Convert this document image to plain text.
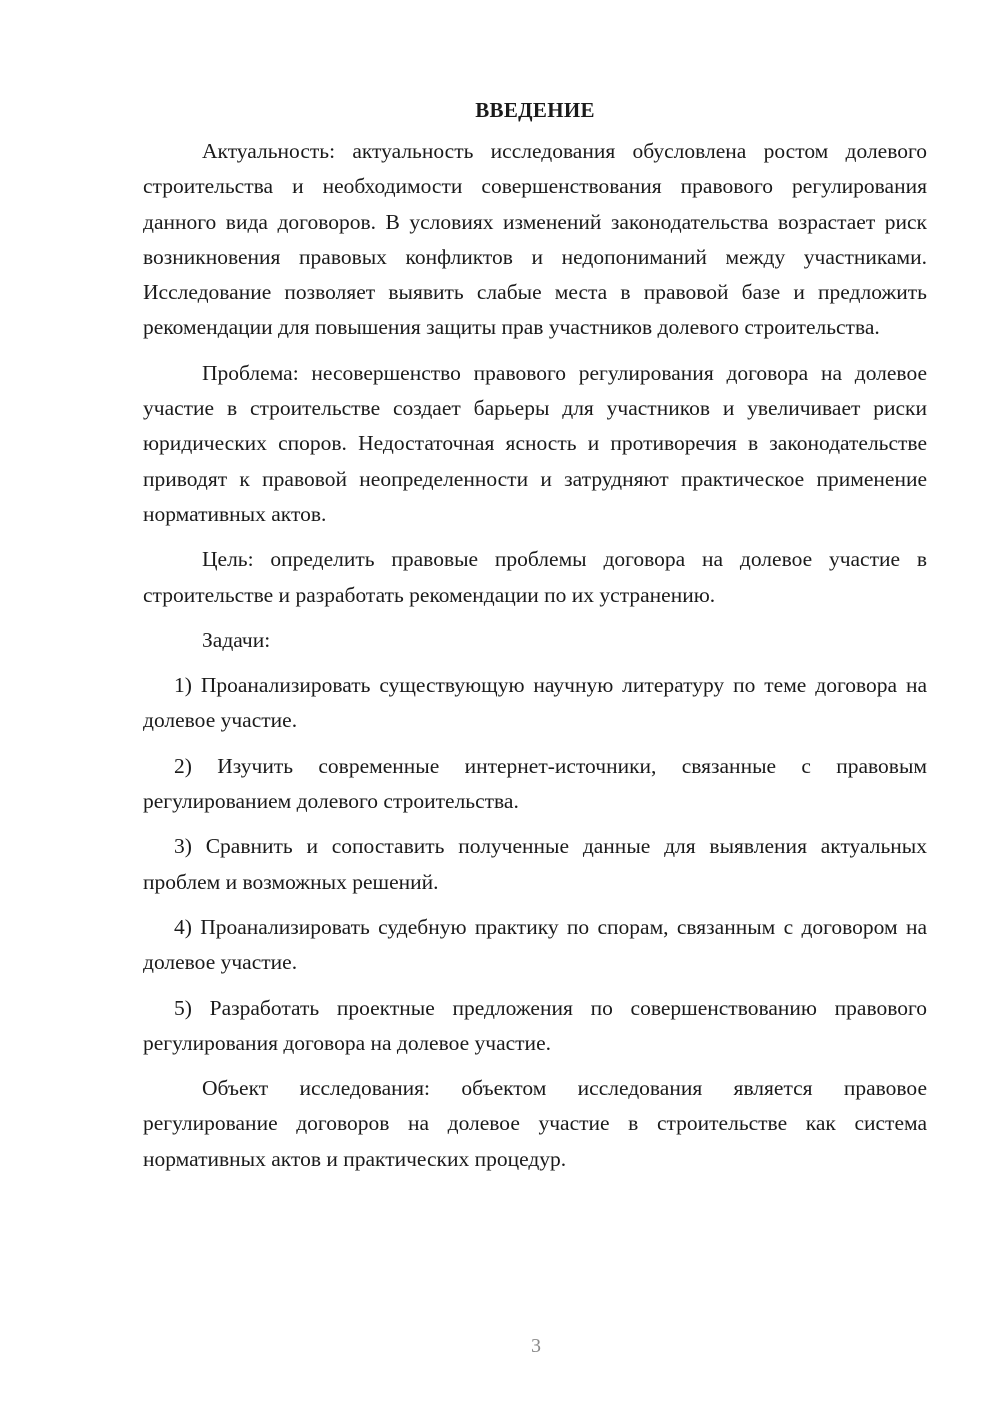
ВВЕДЕНИЕ

Актуальность: актуальность исследования обусловлена ростом долевого строительства и необходимости совершенствования правового регулирования данного вида договоров. В условиях изменений законодательства возрастает риск возникновения правовых конфликтов и недопониманий между участниками. Исследование позволяет выявить слабые места в правовой базе и предложить рекомендации для повышения защиты прав участников долевого строительства.

Проблема: несовершенство правового регулирования договора на долевое участие в строительстве создает барьеры для участников и увеличивает риски юридических споров. Недостаточная ясность и противоречия в законодательстве приводят к правовой неопределенности и затрудняют практическое применение нормативных актов.

Цель: определить правовые проблемы договора на долевое участие в строительстве и разработать рекомендации по их устранению.

Задачи:

1) Проанализировать существующую научную литературу по теме договора на долевое участие.

2) Изучить современные интернет-источники, связанные с правовым регулированием долевого строительства.

3) Сравнить и сопоставить полученные данные для выявления актуальных проблем и возможных решений.

4) Проанализировать судебную практику по спорам, связанным с договором на долевое участие.

5) Разработать проектные предложения по совершенствованию правового регулирования договора на долевое участие.

Объект исследования: объектом исследования является правовое регулирование договоров на долевое участие в строительстве как система нормативных актов и практических процедур.

3
